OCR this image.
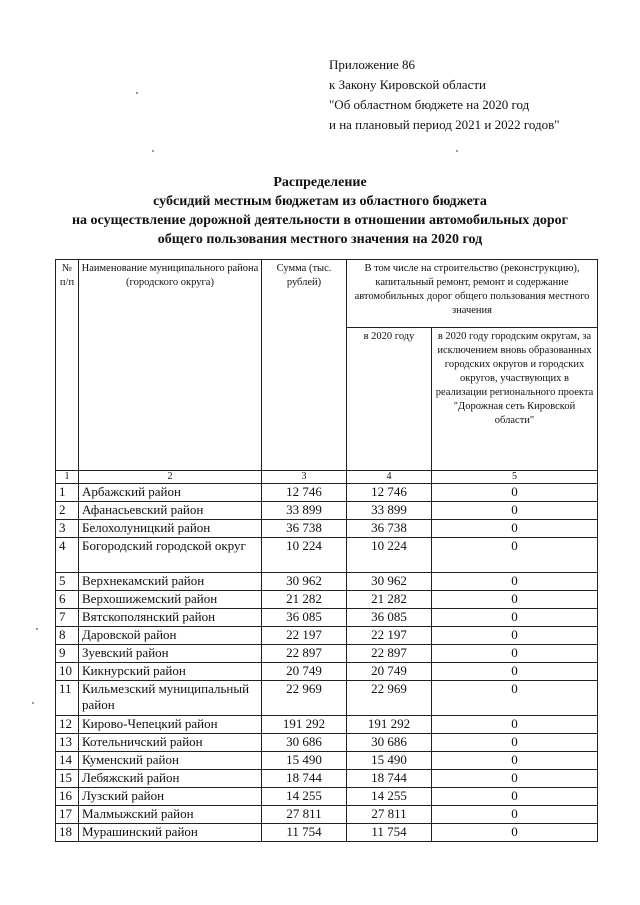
Приложение 86
к Закону Кировской области
"Об областном бюджете на 2020 год
и на плановый период 2021 и 2022 годов"
Распределение
субсидий местным бюджетам из областного бюджета
на осуществление дорожной деятельности в отношении автомобильных дорог
общего пользования местного значения на 2020 год
№ п/п	Наименование муниципального района (городского округа)	Сумма (тыс. рублей)	В том числе на строительство (реконструкцию), капитальный ремонт, ремонт и содержание автомобильных дорог общего пользования местного значения	
			в 2020 году	в 2020 году городским округам, за исключением вновь образованных городских округов и городских округов, участвующих в реализации регионального проекта "Дорожная сеть Кировской области"
1	2	3	4	5
1	Арбажский район	12 746	12 746	0
2	Афанасьевский район	33 899	33 899	0
3	Белохолуницкий район	36 738	36 738	0
4	Богородский городской округ	10 224	10 224	0
5	Верхнекамский район	30 962	30 962	0
6	Верхошижемский район	21 282	21 282	0
7	Вятскополянский район	36 085	36 085	0
8	Даровской район	22 197	22 197	0
9	Зуевский район	22 897	22 897	0
10	Кикнурский район	20 749	20 749	0
11	Кильмезский муниципальный район	22 969	22 969	0
12	Кирово-Чепецкий район	191 292	191 292	0
13	Котельничский район	30 686	30 686	0
14	Куменский район	15 490	15 490	0
15	Лебяжский район	18 744	18 744	0
16	Лузский район	14 255	14 255	0
17	Малмыжский район	27 811	27 811	0
18	Мурашинский район	11 754	11 754	0
